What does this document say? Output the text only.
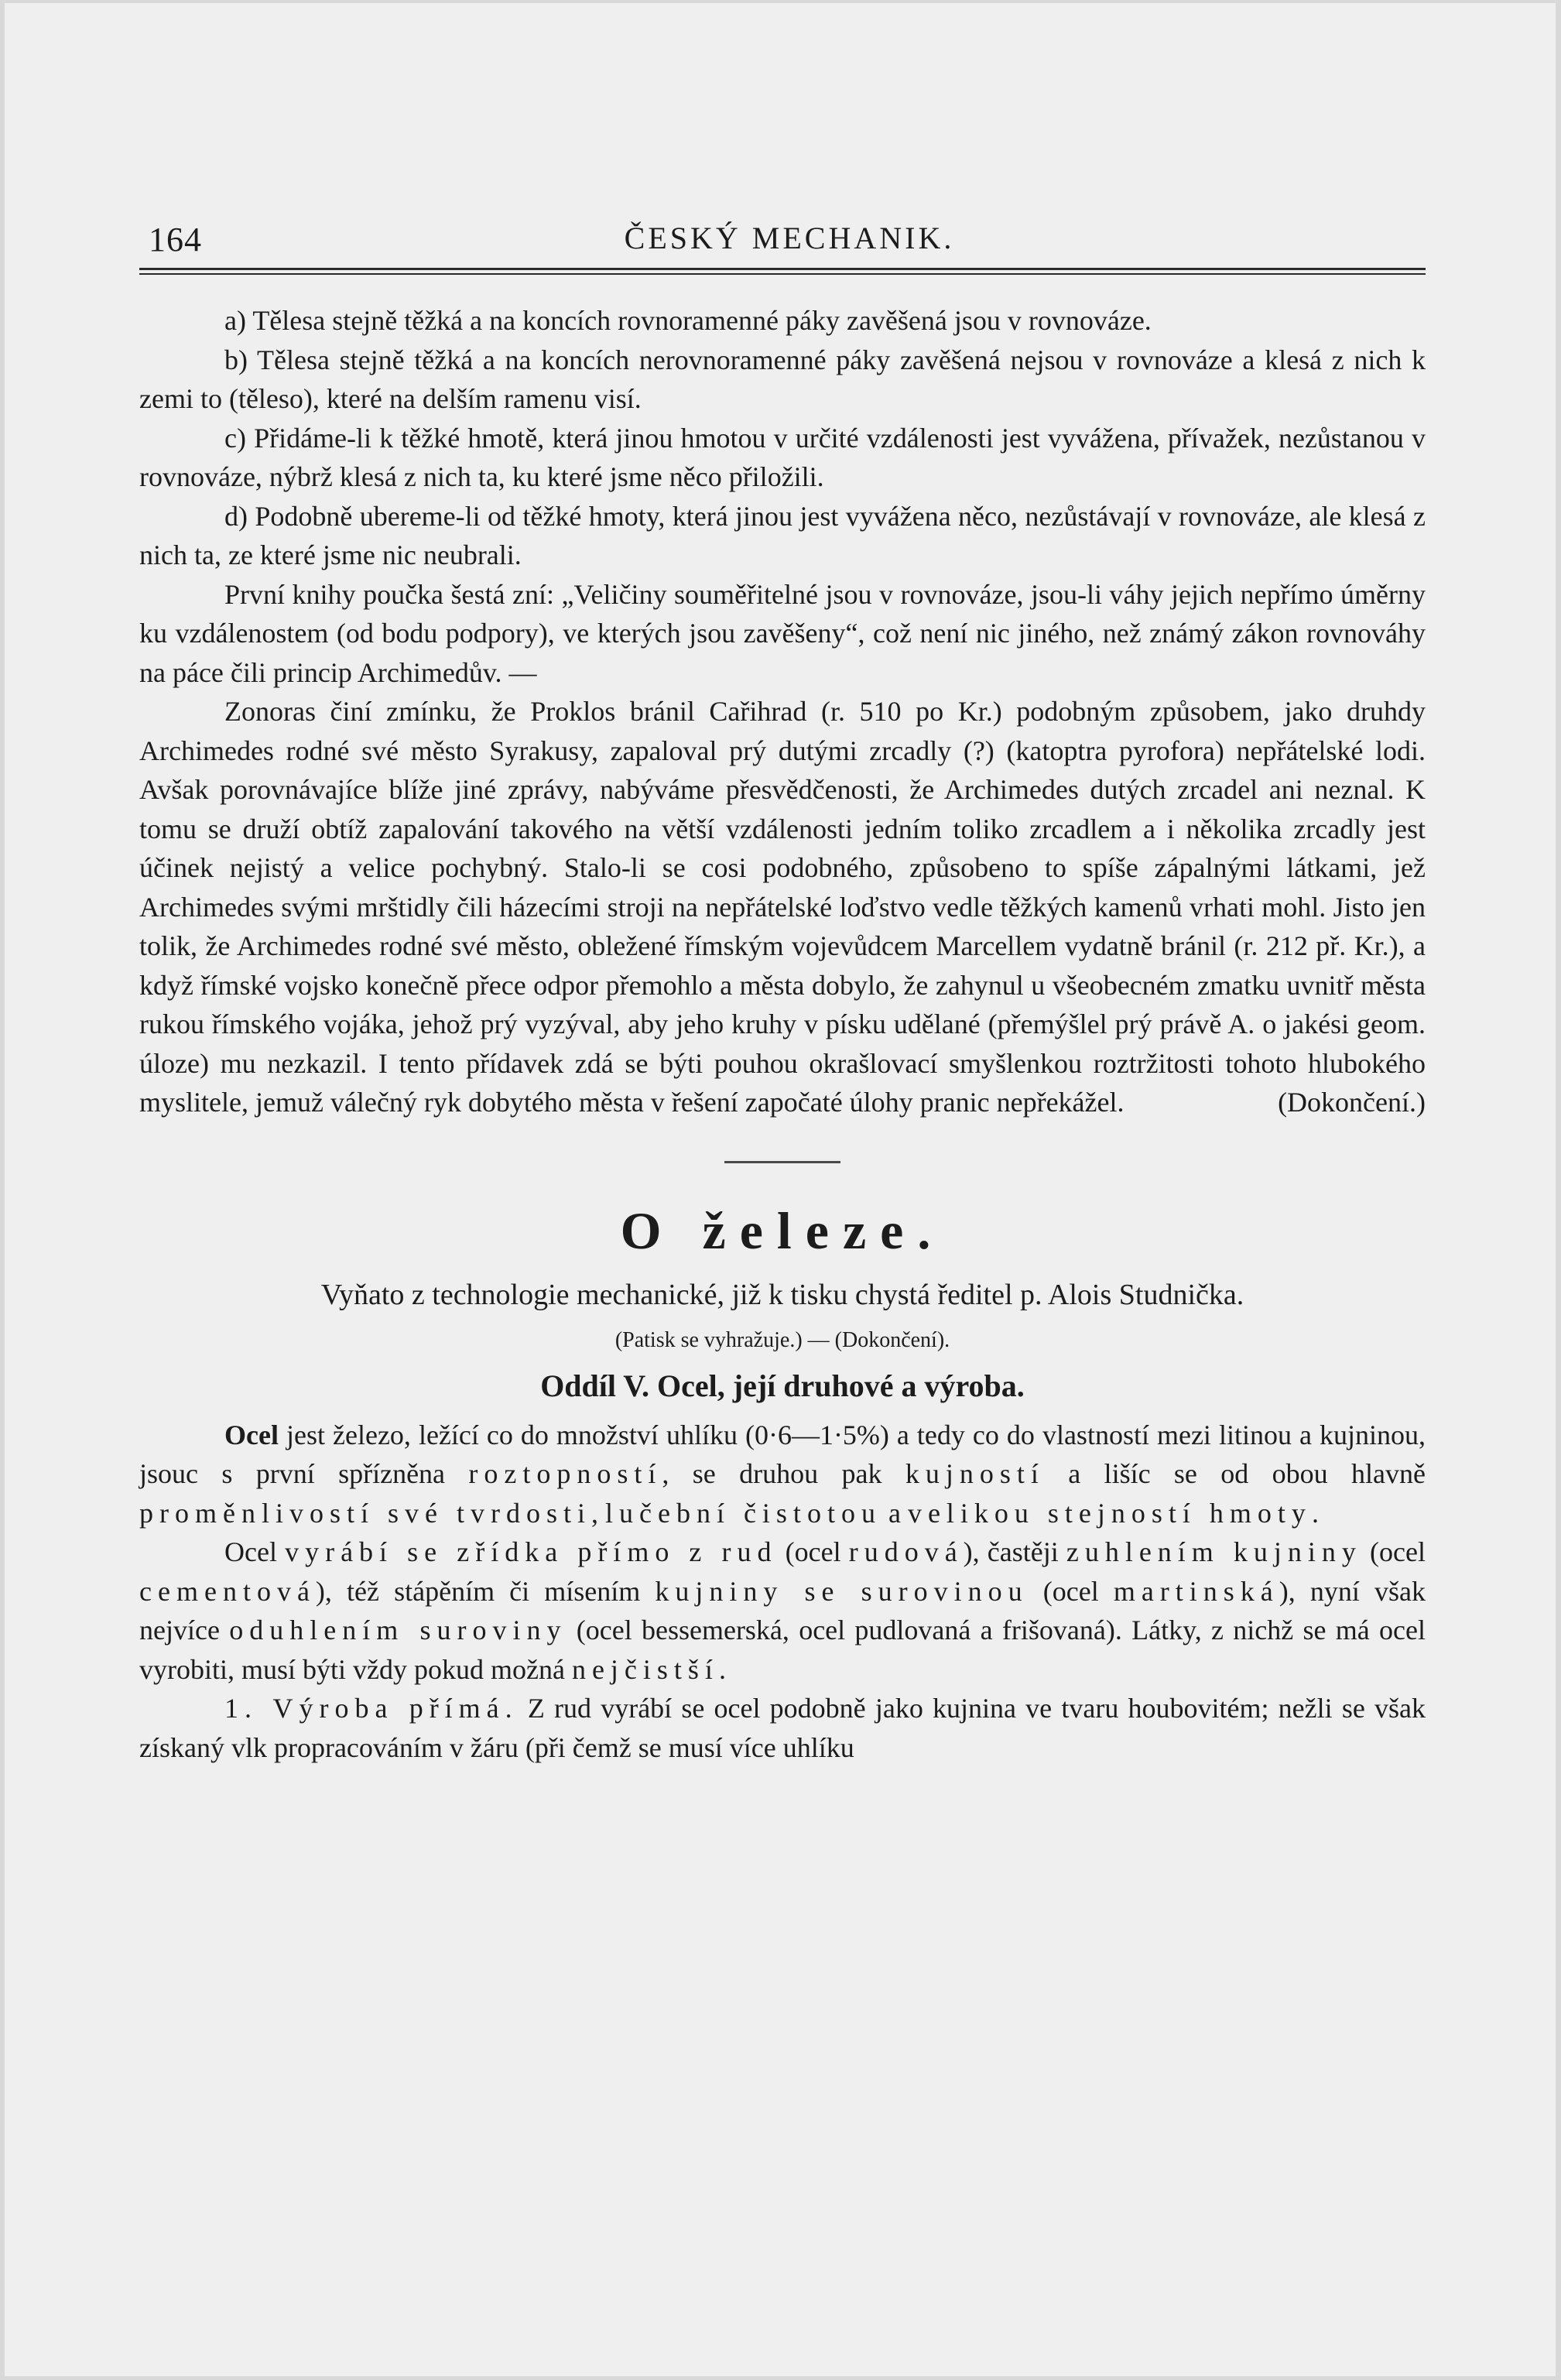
164	ČESKÝ MECHANIK.

a) Tělesa stejně těžká a na koncích rovnoramenné páky zavěšená jsou v rovnováze.

b) Tělesa stejně těžká a na koncích nerovnoramenné páky zavěšená nejsou v rovnováze a klesá z nich k zemi to (těleso), které na delším ramenu visí.

c) Přidáme-li k těžké hmotě, která jinou hmotou v určité vzdálenosti jest vyvážena, přívažek, nezůstanou v rovnováze, nýbrž klesá z nich ta, ku které jsme něco přiložili.

d) Podobně ubereme-li od těžké hmoty, která jinou jest vyvážena něco, nezůstávají v rovnováze, ale klesá z nich ta, ze které jsme nic neubrali.

První knihy poučka šestá zní: „Veličiny souměřitelné jsou v rovnováze, jsou-li váhy jejich nepřímo úměrny ku vzdálenostem (od bodu podpory), ve kterých jsou zavěšeny“, což není nic jiného, než známý zákon rovnováhy na páce čili princip Archimedův. —

Zonoras činí zmínku, že Proklos bránil Cařihrad (r. 510 po Kr.) podobným způsobem, jako druhdy Archimedes rodné své město Syrakusy, zapaloval prý dutými zrcadly (?) (katoptra pyrofora) nepřátelské lodi. Avšak porovnávajíce blíže jiné zprávy, nabýváme přesvědčenosti, že Archimedes dutých zrcadel ani neznal. K tomu se druží obtíž zapalování takového na větší vzdálenosti jedním toliko zrcadlem a i několika zrcadly jest účinek nejistý a velice pochybný. Stalo-li se cosi podobného, způsobeno to spíše zápalnými látkami, jež Archimedes svými mrštidly čili házecími stroji na nepřátelské loďstvo vedle těžkých kamenů vrhati mohl. Jisto jen tolik, že Archimedes rodné své město, obležené římským vojevůdcem Marcellem vydatně bránil (r. 212 př. Kr.), a když římské vojsko konečně přece odpor přemohlo a města dobylo, že zahynul u všeobecném zmatku uvnitř města rukou římského vojáka, jehož prý vyzýval, aby jeho kruhy v písku udělané (přemýšlel prý právě A. o jakési geom. úloze) mu nezkazil. I tento přídavek zdá se býti pouhou okrašlovací smyšlenkou roztržitosti tohoto hlubokého myslitele, jemuž válečný ryk dobytého města v řešení započaté úlohy pranic nepřekážel.	(Dokončení.)

O železe.
Vyňato z technologie mechanické, již k tisku chystá ředitel p. Alois Studnička.
(Patisk se vyhražuje.) — (Dokončení).
Oddíl V. Ocel, její druhové a výroba.

Ocel jest železo, ležící co do množství uhlíku (0·6—1·5%) a tedy co do vlastností mezi litinou a kujninou, jsouc s první spřízněna roztopností, se druhou pak kujností a lišíc se od obou hlavně proměnlivostí své tvrdosti, lučební čistotou a velikou stejností hmoty.

Ocel vyrábí se zřídka přímo z rud (ocel rudová), častěji zuhlením kujniny (ocel cementová), též stápěním či mísením kujniny se surovinou (ocel martinská), nyní však nejvíce oduhlením suroviny (ocel bessemerská, ocel pudlovaná a frišovaná). Látky, z nichž se má ocel vyrobiti, musí býti vždy pokud možná nejčistší.

1. Výroba přímá. Z rud vyrábí se ocel podobně jako kujnina ve tvaru houbovitém; nežli se však získaný vlk propracováním v žáru (při čemž se musí více uhlíku
